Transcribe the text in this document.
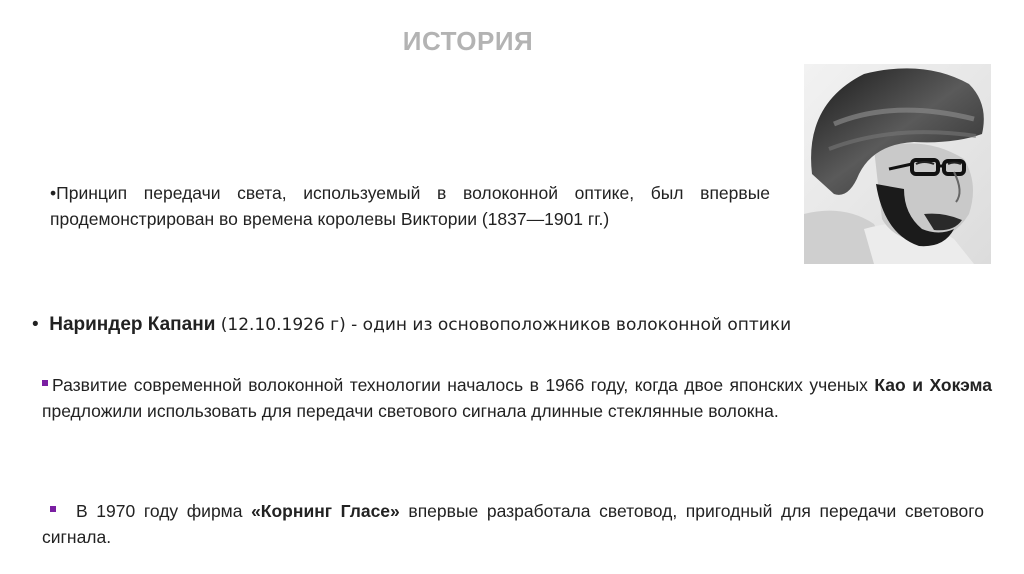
ИСТОРИЯ
•Принцип передачи света, используемый в волоконной оптике, был впервые продемонстрирован во времена королевы Виктории (1837—1901 гг.)
• Нариндер Капани (12.10.1926 г) - один из основоположников волоконной оптики
Развитие современной волоконной технологии началось в 1966 году, когда двое японских ученых Као и Хокэма предложили использовать для передачи светового сигнала длинные стеклянные волокна.
В 1970 году фирма «Корнинг Гласе» впервые разработала световод, пригодный для передачи светового сигнала.
